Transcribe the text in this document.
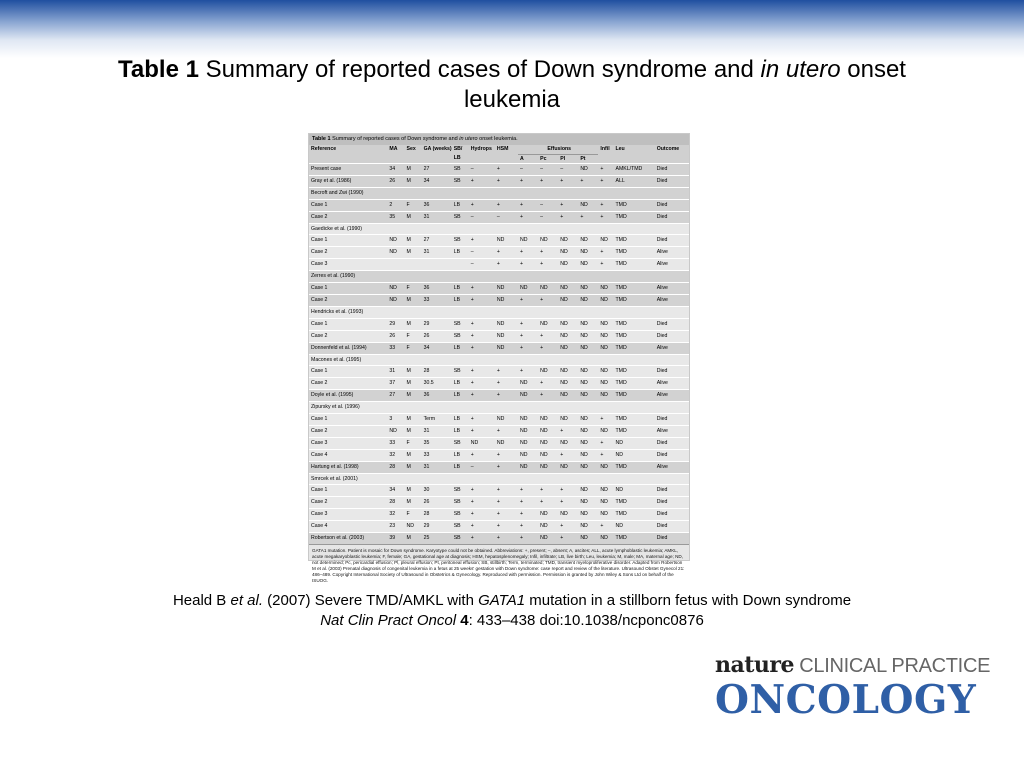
Table 1 Summary of reported cases of Down syndrome and in utero onset
leukemia
Table 1 Summary of reported cases of Down syndrome and in utero onset leukemia.
Reference	MA	Sex	GA (weeks)	SB/ LB	Hydrops	HSM	Effusions				Infil	Leu	Outcome
							A	Pc	Pl	Pt			
Present case	34	M	27	SB	–	+	–	–	–	ND	+	AMKL/TMD	Died
Gray et al. (1986)	26	M	34	SB	+	+	+	+	+	+	+	ALL	Died
Becroft and Zwi (1990)													
Case 1	2	F	36	LB	+	+	+	–	+	ND	+	TMD	Died
Case 2	35	M	31	SB	–	–	+	–	+	+	+	TMD	Died
Gaedicke et al. (1990)													
Case 1	ND	M	27	SB	+	ND	ND	ND	ND	ND	ND	TMD	Died
Case 2	ND	M	31	LB	–	+	+	+	ND	ND	+	TMD	Alive
Case 3					–	+	+	+	ND	ND	+	TMD	Alive
Zerres et al. (1990)													
Case 1	ND	F	36	LB	+	ND	ND	ND	ND	ND	ND	TMD	Alive
Case 2	ND	M	33	LB	+	ND	+	+	ND	ND	ND	TMD	Alive
Hendricks et al. (1993)													
Case 1	29	M	29	SB	+	ND	+	ND	ND	ND	ND	TMD	Died
Case 2	26	F	26	SB	+	ND	+	+	ND	ND	ND	TMD	Died
Donnenfeld et al. (1994)	33	F	34	LB	+	ND	+	+	ND	ND	ND	TMD	Alive
Macones et al. (1995)													
Case 1	31	M	28	SB	+	+	+	ND	ND	ND	ND	TMD	Died
Case 2	37	M	30.5	LB	+	+	ND	+	ND	ND	ND	TMD	Alive
Doyle et al. (1995)	27	M	36	LB	+	+	ND	+	ND	ND	ND	TMD	Alive
Zipursky et al. (1996)													
Case 1	3	M	Term	LB	+	ND	ND	ND	ND	ND	+	TMD	Died
Case 2	ND	M	31	LB	+	+	ND	ND	+	ND	ND	TMD	Alive
Case 3	33	F	35	SB	ND	ND	ND	ND	ND	ND	+	ND	Died
Case 4	32	M	33	LB	+	+	ND	ND	+	ND	+	ND	Died
Hartung et al. (1998)	28	M	31	LB	–	+	ND	ND	ND	ND	ND	TMD	Alive
Smrcek et al. (2001)													
Case 1	34	M	30	SB	+	+	+	+	+	ND	ND	ND	Died
Case 2	28	M	26	SB	+	+	+	+	+	ND	ND	TMD	Died
Case 3	32	F	28	SB	+	+	+	ND	ND	ND	ND	TMD	Died
Case 4	23	ND	29	SB	+	+	+	ND	+	ND	+	ND	Died
Robertson et al. (2003)	39	M	25	SB	+	+	+	ND	+	ND	ND	TMD	Died
GATA1 mutation. Patient is mosaic for Down syndrome. Karyotype could not be obtained. Abbreviations: +, present; –, absent; A, ascites; ALL, acute lymphoblastic leukemia; AMKL, acute megakaryoblastic leukemia; F, female; GA, gestational age at diagnosis; HSM, hepatosplenomegaly; Infil, infiltrate; LB, live birth; Leu, leukemia; M, male; MA, maternal age; ND, not determined; Pc, pericardial effusion; Pl, pleural effusion; Pt, peritoneal effusion; SB, stillbirth; Term, terminated; TMD, transient myeloproliferative disorder. Adapted from Robertson M et al. (2003) Prenatal diagnosis of congenital leukemia in a fetus at 25 weeks' gestation with Down syndrome: case report and review of the literature. Ultrasound Obstet Gynecol 21: 486–489. Copyright International Society of Ultrasound in Obstetrics & Gynecology. Reproduced with permission. Permission is granted by John Wiley & Sons Ltd on behalf of the ISUOG.
Heald B et al. (2007) Severe TMD/AMKL with GATA1 mutation in a stillborn fetus with Down syndrome
Nat Clin Pract Oncol 4: 433–438 doi:10.1038/ncponc0876
nature CLINICAL PRACTICE
ONCOLOGY
